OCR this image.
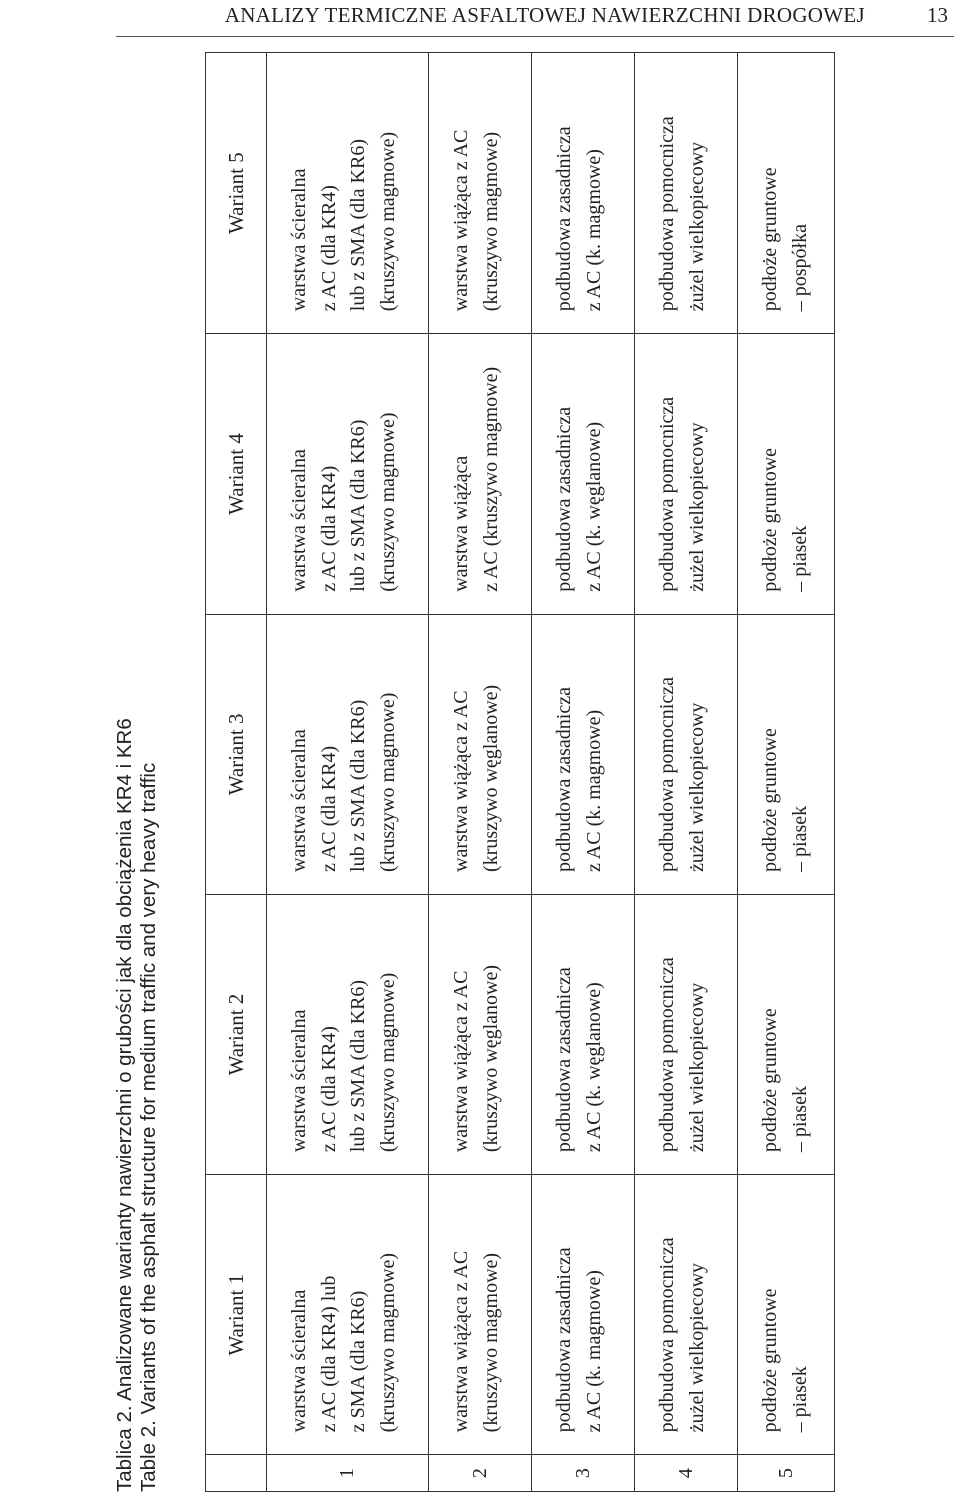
ANALIZY TERMICZNE ASFALTOWEJ NAWIERZCHNI DROGOWEJ	13
Tablica 2. Analizowane warianty nawierzchni o grubości jak dla obciążenia KR4 i KR6 Table 2. Variants of the asphalt structure for medium traffic and very heavy traffic
		Wariant 1	Wariant 2	Wariant 3	Wariant 4	Wariant 5
1	warstwa ścieralna z AC (dla KR4) lub z SMA (dla KR6) (kruszywo magmowe)	warstwa ścieralna z AC (dla KR4) lub z SMA (dla KR6) (kruszywo magmowe)	warstwa ścieralna z AC (dla KR4) lub z SMA (dla KR6) (kruszywo magmowe)	warstwa ścieralna z AC (dla KR4) lub z SMA (dla KR6) (kruszywo magmowe)	warstwa ścieralna z AC (dla KR4) lub z SMA (dla KR6) (kruszywo magmowe)

2	warstwa wiążąca z AC (kruszywo magmowe)	warstwa wiążąca z AC (kruszywo węglanowe)	warstwa wiążąca z AC (kruszywo węglanowe)	warstwa wiążąca z AC (kruszywo magmowe)	warstwa wiążąca z AC (kruszywo magmowe)

3	podbudowa zasadnicza z AC (k. magmowe)	podbudowa zasadnicza z AC (k. węglanowe)	podbudowa zasadnicza z AC (k. magmowe)	podbudowa zasadnicza z AC (k. węglanowe)	podbudowa zasadnicza z AC (k. magmowe)

4	podbudowa pomocnicza żużel wielkopiecowy	podbudowa pomocnicza żużel wielkopiecowy	podbudowa pomocnicza żużel wielkopiecowy	podbudowa pomocnicza żużel wielkopiecowy	podbudowa pomocnicza żużel wielkopiecowy

5	podłoże gruntowe – piasek	podłoże gruntowe – piasek	podłoże gruntowe – piasek	podłoże gruntowe – piasek	podłoże gruntowe – pospółka
